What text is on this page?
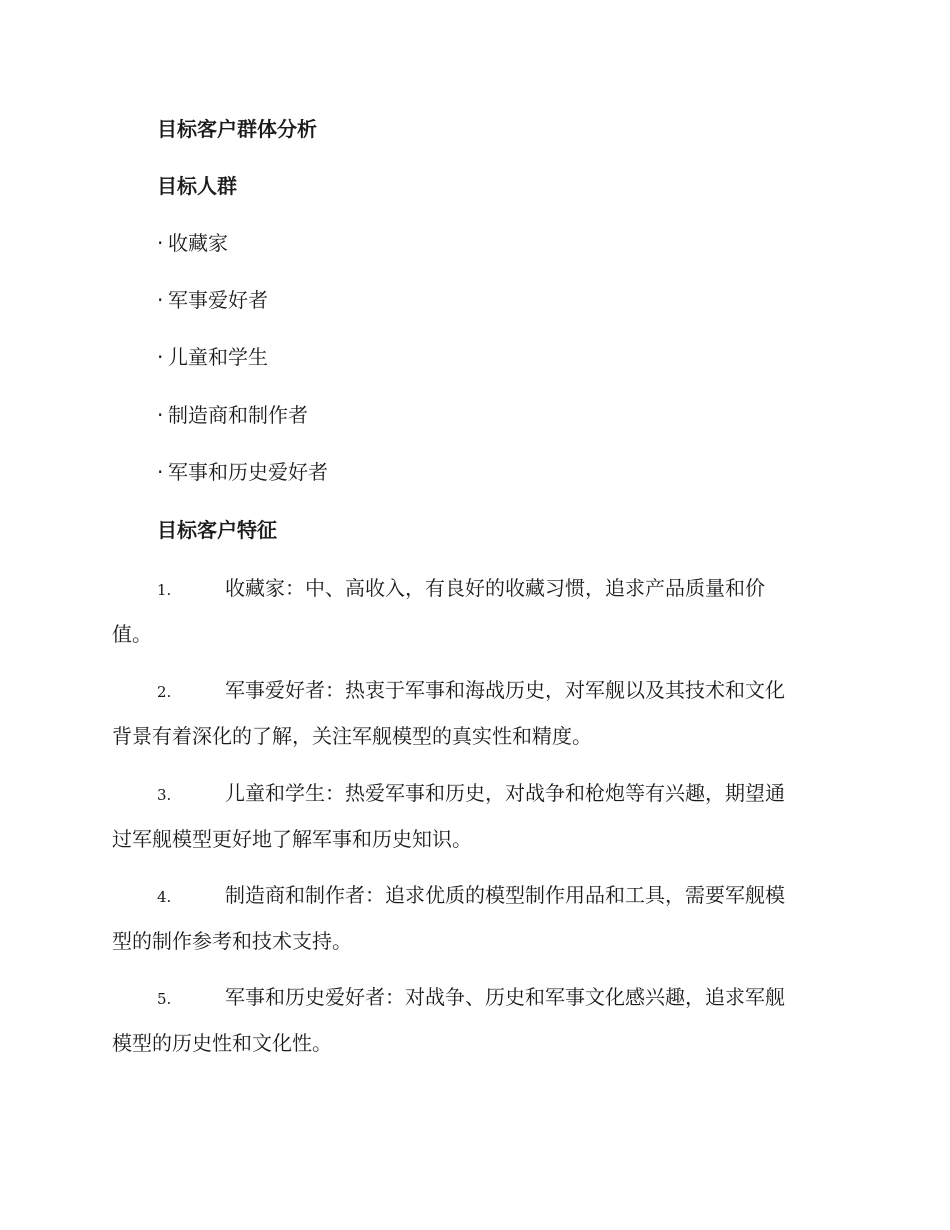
目标客户群体分析
目标人群
· 收藏家
· 军事爱好者
· 儿童和学生
· 制造商和制作者
· 军事和历史爱好者
目标客户特征
1.	收藏家：中、高收入，有良好的收藏习惯，追求产品质量和价
值。
2.	军事爱好者：热衷于军事和海战历史，对军舰以及其技术和文化
背景有着深化的了解，关注军舰模型的真实性和精度。
3.	儿童和学生：热爱军事和历史，对战争和枪炮等有兴趣，期望通
过军舰模型更好地了解军事和历史知识。
4.	制造商和制作者：追求优质的模型制作用品和工具，需要军舰模
型的制作参考和技术支持。
5.	军事和历史爱好者：对战争、历史和军事文化感兴趣，追求军舰
模型的历史性和文化性。
